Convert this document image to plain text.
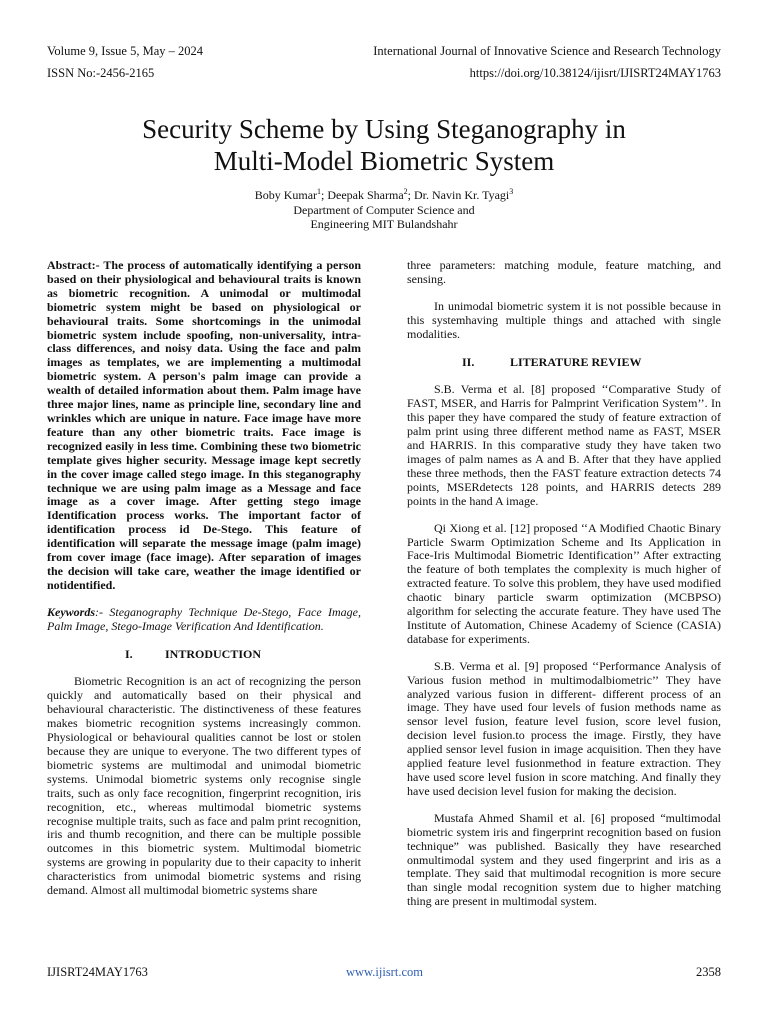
Volume 9, Issue 5, May – 2024	International Journal of Innovative Science and Research Technology
ISSN No:-2456-2165	https://doi.org/10.38124/ijisrt/IJISRT24MAY1763
Security Scheme by Using Steganography in
Multi-Model Biometric System
Boby Kumar$^1$; Deepak Sharma$^2$; Dr. Navin Kr. Tyagi$^3$
Department of Computer Science and
Engineering MIT Bulandshahr

Abstract:- The process of automatically identifying a person based on their physiological and behavioural traits is known as biometric recognition. A unimodal or multimodal biometric system might be based on physiological or behavioural traits. Some shortcomings in the unimodal biometric system include spoofing, non-universality, intra-class differences, and noisy data. Using the face and palm images as templates, we are implementing a multimodal biometric system. A person's palm image can provide a wealth of detailed information about them. Palm image have three major lines, name as principle line, secondary line and wrinkles which are unique in nature. Face image have more feature than any other biometric traits. Face image is recognized easily in less time. Combining these two biometric template gives higher security. Message image kept secretly in the cover image called stego image. In this steganography technique we are using palm image as a Message and face image as a cover image. After getting stego image Identification process works. The important factor of identification process id De-Stego. This feature of identification will separate the message image (palm image) from cover image (face image). After separation of images the decision will take care, weather the image identified or notidentified.

Keywords:- Steganography Technique De-Stego, Face Image, Palm Image, Stego-Image Verification And Identification.

I.	INTRODUCTION

Biometric Recognition is an act of recognizing the person quickly and automatically based on their physical and behavioural characteristic. The distinctiveness of these features makes biometric recognition systems increasingly common. Physiological or behavioural qualities cannot be lost or stolen because they are unique to everyone. The two different types of biometric systems are multimodal and unimodal biometric systems. Unimodal biometric systems only recognise single traits, such as only face recognition, fingerprint recognition, iris recognition, etc., whereas multimodal biometric systems recognise multiple traits, such as face and palm print recognition, iris and thumb recognition, and there can be multiple possible outcomes in this biometric system. Multimodal biometric systems are growing in popularity due to their capacity to inherit characteristics from unimodal biometric systems and rising demand. Almost all multimodal biometric systems share

three parameters: matching module, feature matching, and sensing.

In unimodal biometric system it is not possible because in this systemhaving multiple things and attached with single modalities.

II.	LITERATURE REVIEW

S.B. Verma et al. [8] proposed ‘‘Comparative Study of FAST, MSER, and Harris for Palmprint Verification System’’. In this paper they have compared the study of feature extraction of palm print using three different method name as FAST, MSER and HARRIS. In this comparative study they have taken two images of palm names as A and B. After that they have applied these three methods, then the FAST feature extraction detects 74 points, MSERdetects 128 points, and HARRIS detects 289 points in the hand A image.

Qi Xiong et al. [12] proposed ‘‘A Modified Chaotic Binary Particle Swarm Optimization Scheme and Its Application in Face-Iris Multimodal Biometric Identification’’ After extracting the feature of both templates the complexity is much higher of extracted feature. To solve this problem, they have used modified chaotic binary particle swarm optimization (MCBPSO) algorithm for selecting the accurate feature. They have used The Institute of Automation, Chinese Academy of Science (CASIA) database for experiments.

S.B. Verma et al. [9] proposed ‘‘Performance Analysis of Various fusion method in multimodalbiometric’’ They have analyzed various fusion in different- different process of an image. They have used four levels of fusion methods name as sensor level fusion, feature level fusion, score level fusion, decision level fusion.to process the image. Firstly, they have applied sensor level fusion in image acquisition. Then they have applied feature level fusionmethod in feature extraction. They have used score level fusion in score matching. And finally they have used decision level fusion for making the decision.

Mustafa Ahmed Shamil et al. [6] proposed “multimodal biometric system iris and fingerprint recognition based on fusion technique” was published. Basically they have researched onmultimodal system and they used fingerprint and iris as a template. They said that multimodal recognition is more secure than single modal recognition system due to higher matching thing are present in multimodal system.

IJISRT24MAY1763	www.ijisrt.com	2358
